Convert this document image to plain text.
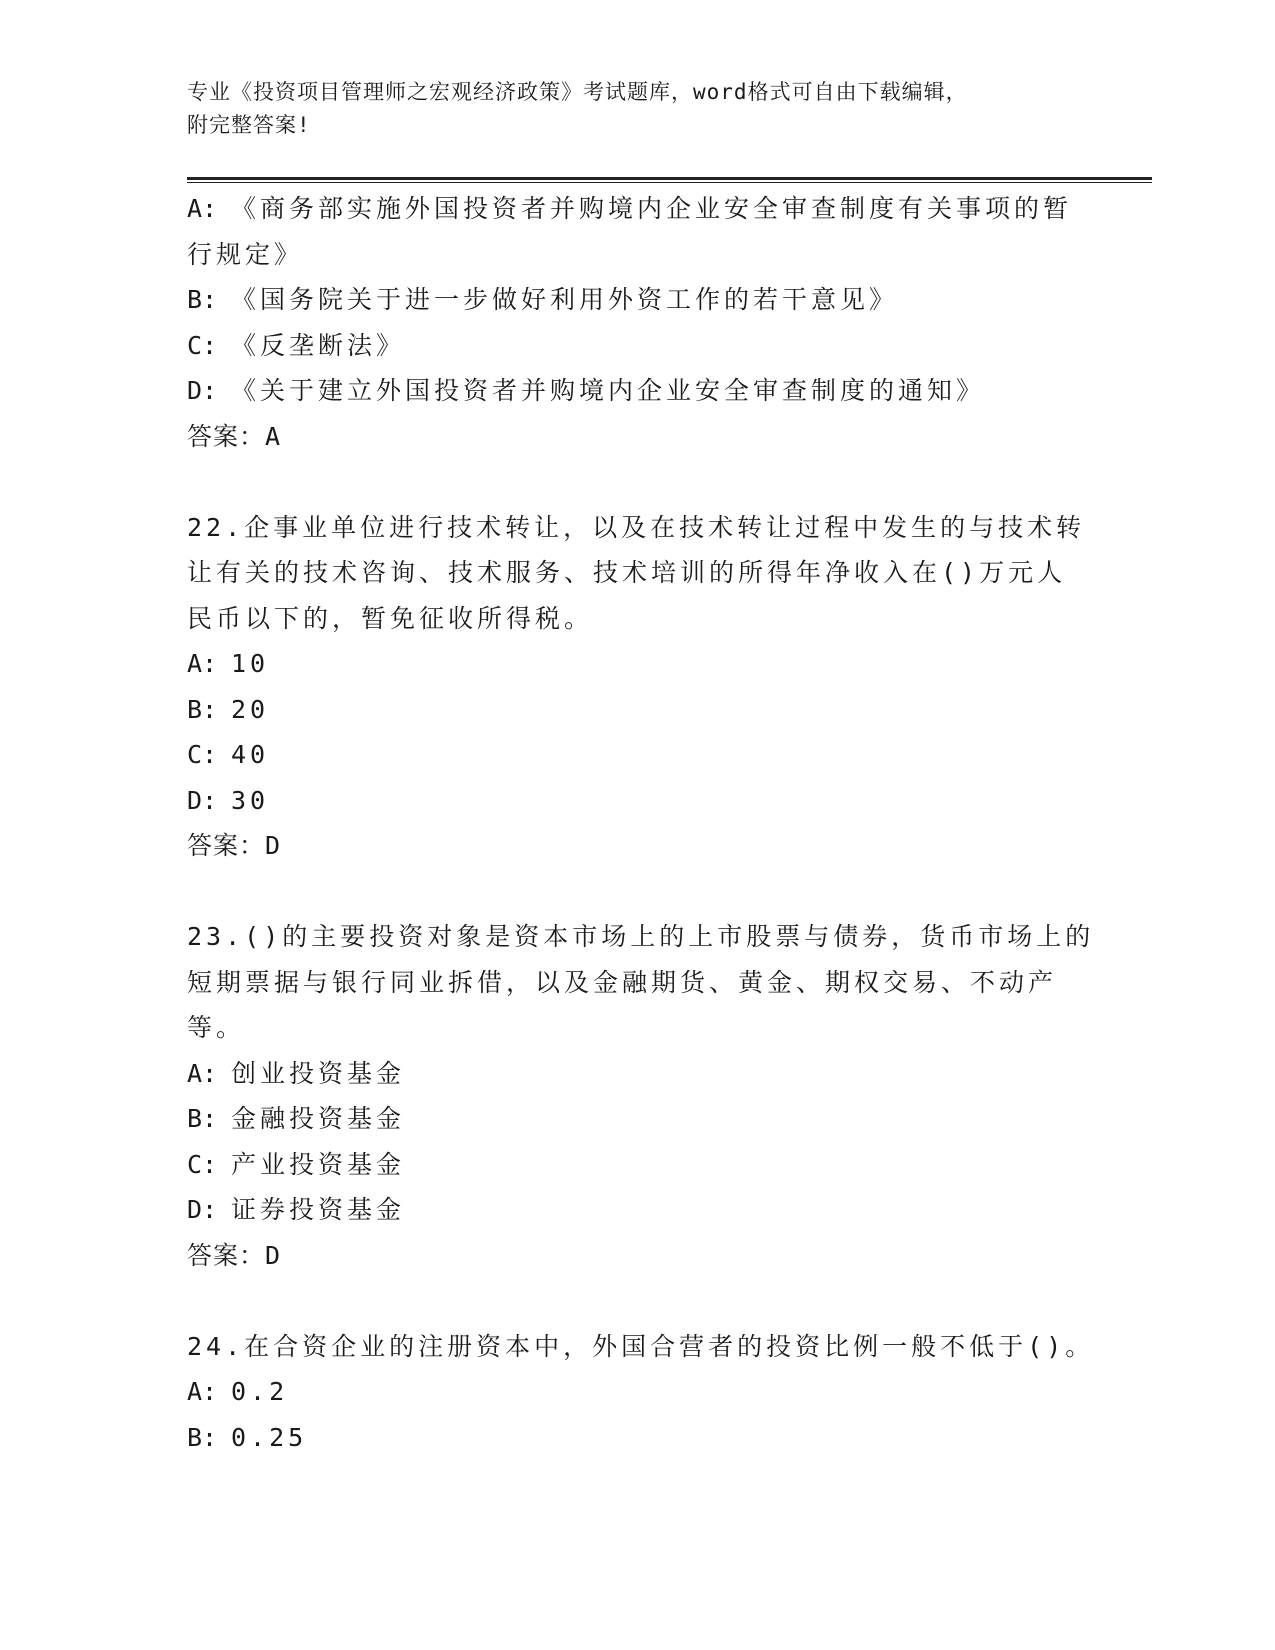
专业《投资项目管理师之宏观经济政策》考试题库，word格式可自由下载编辑，
附完整答案!
A: 《商务部实施外国投资者并购境内企业安全审查制度有关事项的暂
行规定》
B: 《国务院关于进一步做好利用外资工作的若干意见》
C: 《反垄断法》
D: 《关于建立外国投资者并购境内企业安全审查制度的通知》
答案：A
22.企事业单位进行技术转让，以及在技术转让过程中发生的与技术转
让有关的技术咨询、技术服务、技术培训的所得年净收入在()万元人
民币以下的，暂免征收所得税。
A: 10
B: 20
C: 40
D: 30
答案：D
23.()的主要投资对象是资本市场上的上市股票与债券，货币市场上的
短期票据与银行同业拆借，以及金融期货、黄金、期权交易、不动产
等。
A: 创业投资基金
B: 金融投资基金
C: 产业投资基金
D: 证券投资基金
答案：D
24.在合资企业的注册资本中，外国合营者的投资比例一般不低于()。
A: 0.2
B: 0.25
